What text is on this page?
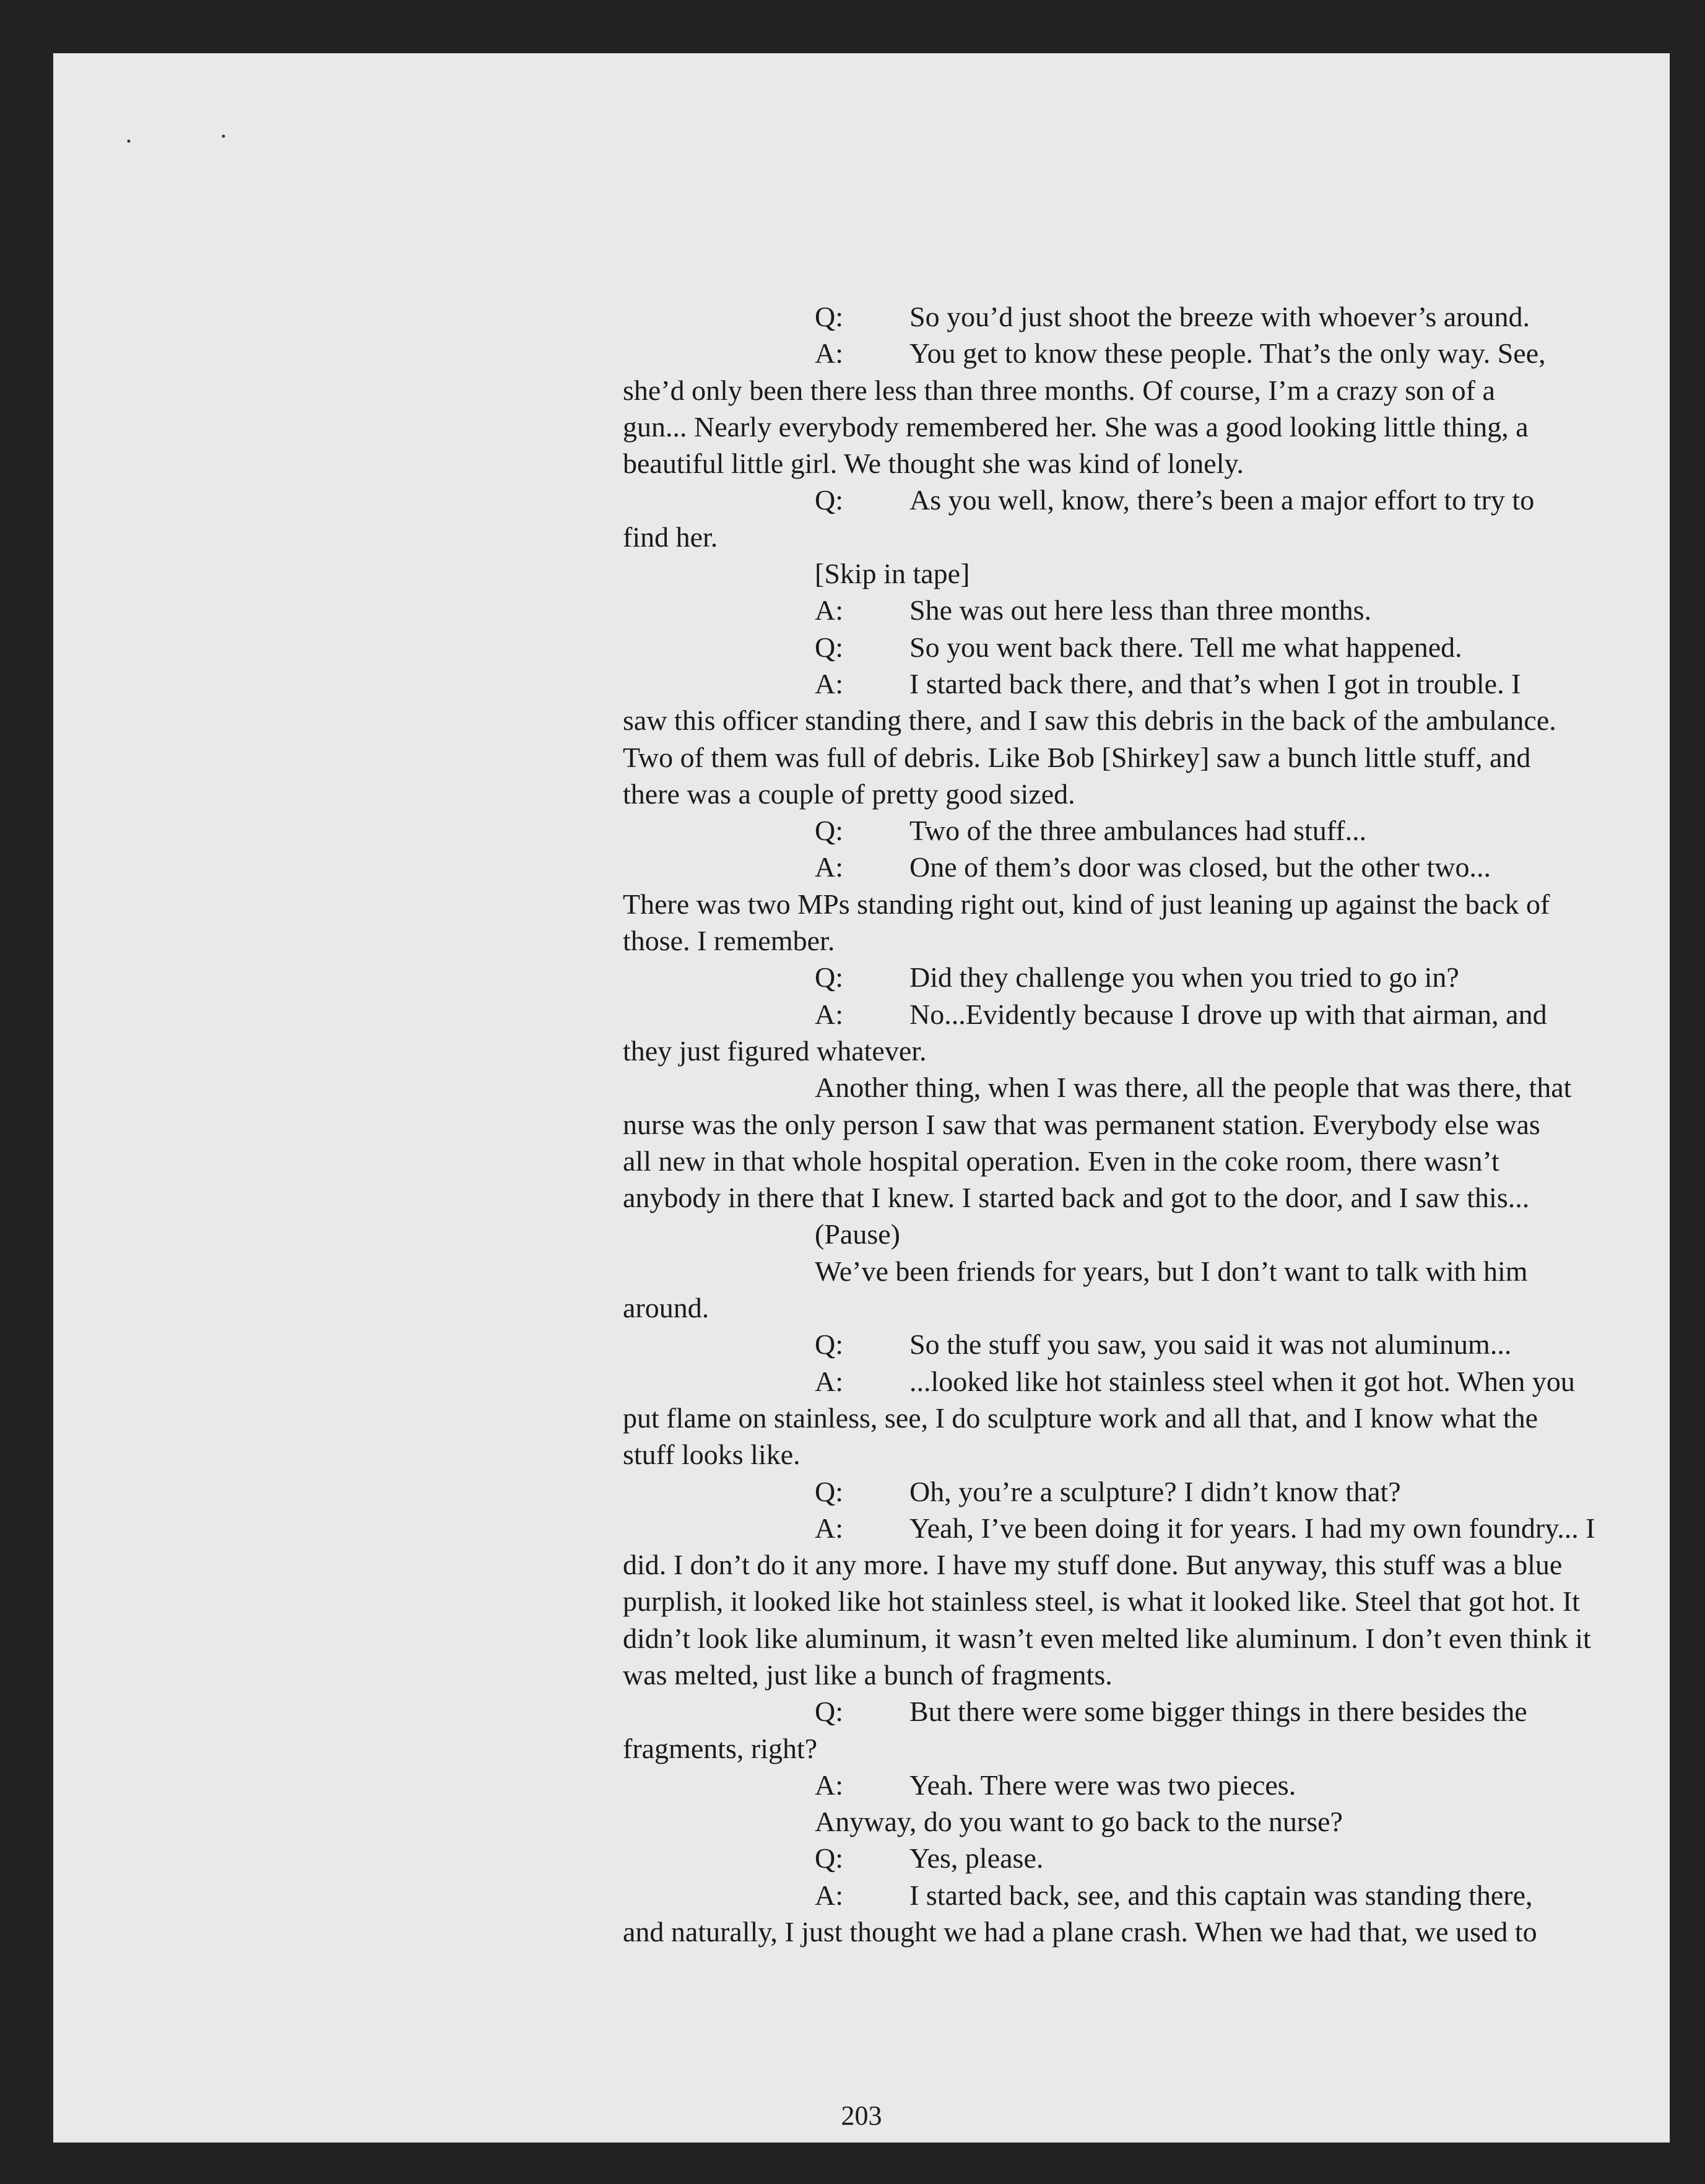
Q: So you’d just shoot the breeze with whoever’s around.
A: You get to know these people. That’s the only way. See,
she’d only been there less than three months. Of course, I’m a crazy son of a
gun... Nearly everybody remembered her. She was a good looking little thing, a
beautiful little girl. We thought she was kind of lonely.
Q: As you well, know, there’s been a major effort to try to
find her.
[Skip in tape]
A: She was out here less than three months.
Q: So you went back there. Tell me what happened.
A: I started back there, and that’s when I got in trouble. I
saw this officer standing there, and I saw this debris in the back of the ambulance.
Two of them was full of debris. Like Bob [Shirkey] saw a bunch little stuff, and
there was a couple of pretty good sized.
Q: Two of the three ambulances had stuff...
A: One of them’s door was closed, but the other two...
There was two MPs standing right out, kind of just leaning up against the back of
those. I remember.
Q: Did they challenge you when you tried to go in?
A: No...Evidently because I drove up with that airman, and
they just figured whatever.
Another thing, when I was there, all the people that was there, that
nurse was the only person I saw that was permanent station. Everybody else was
all new in that whole hospital operation. Even in the coke room, there wasn’t
anybody in there that I knew. I started back and got to the door, and I saw this...
(Pause)
We’ve been friends for years, but I don’t want to talk with him
around.
Q: So the stuff you saw, you said it was not aluminum...
A: ...looked like hot stainless steel when it got hot. When you
put flame on stainless, see, I do sculpture work and all that, and I know what the
stuff looks like.
Q: Oh, you’re a sculpture? I didn’t know that?
A: Yeah, I’ve been doing it for years. I had my own foundry... I
did. I don’t do it any more. I have my stuff done. But anyway, this stuff was a blue
purplish, it looked like hot stainless steel, is what it looked like. Steel that got hot. It
didn’t look like aluminum, it wasn’t even melted like aluminum. I don’t even think it
was melted, just like a bunch of fragments.
Q: But there were some bigger things in there besides the
fragments, right?
A: Yeah. There were was two pieces.
Anyway, do you want to go back to the nurse?
Q: Yes, please.
A: I started back, see, and this captain was standing there,
and naturally, I just thought we had a plane crash. When we had that, we used to
203
